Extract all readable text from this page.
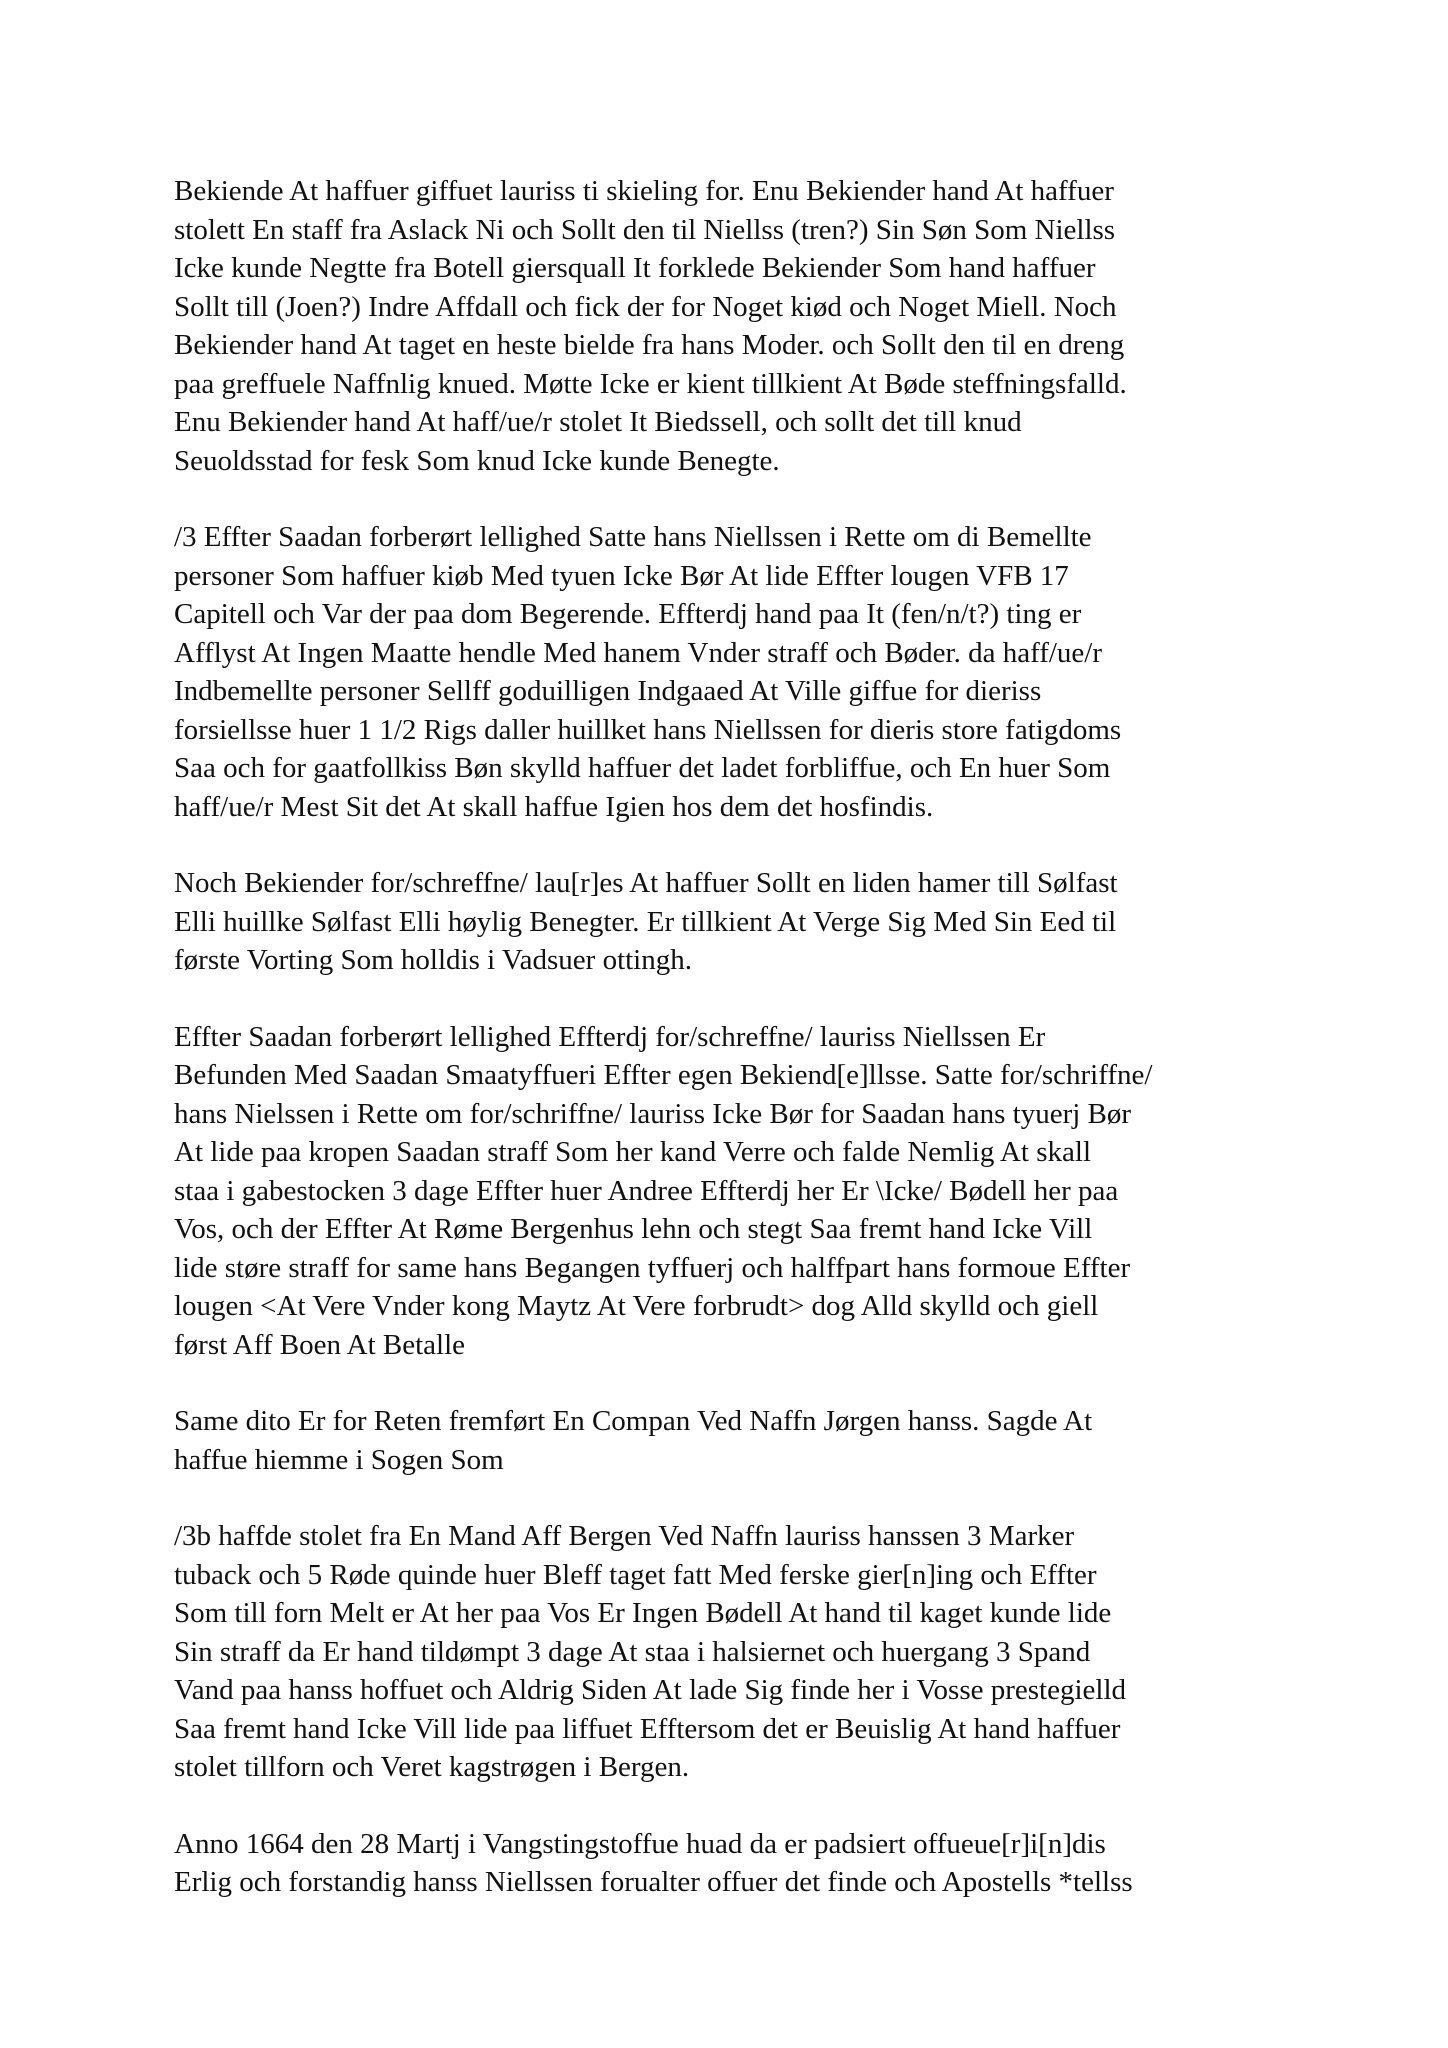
Bekiende At haffuer giffuet lauriss ti skieling for. Enu Bekiender hand At haffuer
stolett En staff fra Aslack Ni och Sollt den til Niellss (tren?) Sin Søn Som Niellss
Icke kunde Negtte fra Botell giersquall It forklede Bekiender Som hand haffuer
Sollt till (Joen?) Indre Affdall och fick der for Noget kiød och Noget Miell. Noch
Bekiender hand At taget en heste bielde fra hans Moder. och Sollt den til en dreng
paa greffuele Naffnlig knued. Møtte Icke er kient tillkient At Bøde steffningsfalld.
Enu Bekiender hand At haff/ue/r stolet It Biedssell, och sollt det till knud
Seuoldsstad for fesk Som knud Icke kunde Benegte.

/3 Effter Saadan forberørt lellighed Satte hans Niellssen i Rette om di Bemellte
personer Som haffuer kiøb Med tyuen Icke Bør At lide Effter lougen VFB 17
Capitell och Var der paa dom Begerende. Effterdj hand paa It (fen/n/t?) ting er
Afflyst At Ingen Maatte hendle Med hanem Vnder straff och Bøder. da haff/ue/r
Indbemellte personer Sellff goduilligen Indgaaed At Ville giffue for dieriss
forsiellsse huer 1 1/2 Rigs daller huillket hans Niellssen for dieris store fatigdoms
Saa och for gaatfollkiss Bøn skylld haffuer det ladet forbliffue, och En huer Som
haff/ue/r Mest Sit det At skall haffue Igien hos dem det hosfindis.

Noch Bekiender for/schreffne/ lau[r]es At haffuer Sollt en liden hamer till Sølfast
Elli huillke Sølfast Elli høylig Benegter. Er tillkient At Verge Sig Med Sin Eed til
første Vorting Som holldis i Vadsuer ottingh.

Effter Saadan forberørt lellighed Effterdj for/schreffne/ lauriss Niellssen Er
Befunden Med Saadan Smaatyffueri Effter egen Bekiend[e]llsse. Satte for/schriffne/
hans Nielssen i Rette om for/schriffne/ lauriss Icke Bør for Saadan hans tyuerj Bør
At lide paa kropen Saadan straff Som her kand Verre och falde Nemlig At skall
staa i gabestocken 3 dage Effter huer Andree Effterdj her Er \Icke/ Bødell her paa
Vos, och der Effter At Røme Bergenhus lehn och stegt Saa fremt hand Icke Vill
lide støre straff for same hans Begangen tyffuerj och halffpart hans formoue Effter
lougen <At Vere Vnder kong Maytz At Vere forbrudt> dog Alld skylld och giell
først Aff Boen At Betalle

Same dito Er for Reten fremført En Compan Ved Naffn Jørgen hanss. Sagde At
haffue hiemme i Sogen Som

/3b haffde stolet fra En Mand Aff Bergen Ved Naffn lauriss hanssen 3 Marker
tuback och 5 Røde quinde huer Bleff taget fatt Med ferske gier[n]ing och Effter
Som till forn Melt er At her paa Vos Er Ingen Bødell At hand til kaget kunde lide
Sin straff da Er hand tildømpt 3 dage At staa i halsiernet och huergang 3 Spand
Vand paa hanss hoffuet och Aldrig Siden At lade Sig finde her i Vosse prestegielld
Saa fremt hand Icke Vill lide paa liffuet Efftersom det er Beuislig At hand haffuer
stolet tillforn och Veret kagstrøgen i Bergen.

Anno 1664 den 28 Martj i Vangstingstoffue huad da er padsiert offueue[r]i[n]dis
Erlig och forstandig hanss Niellssen forualter offuer det finde och Apostells *tellss
